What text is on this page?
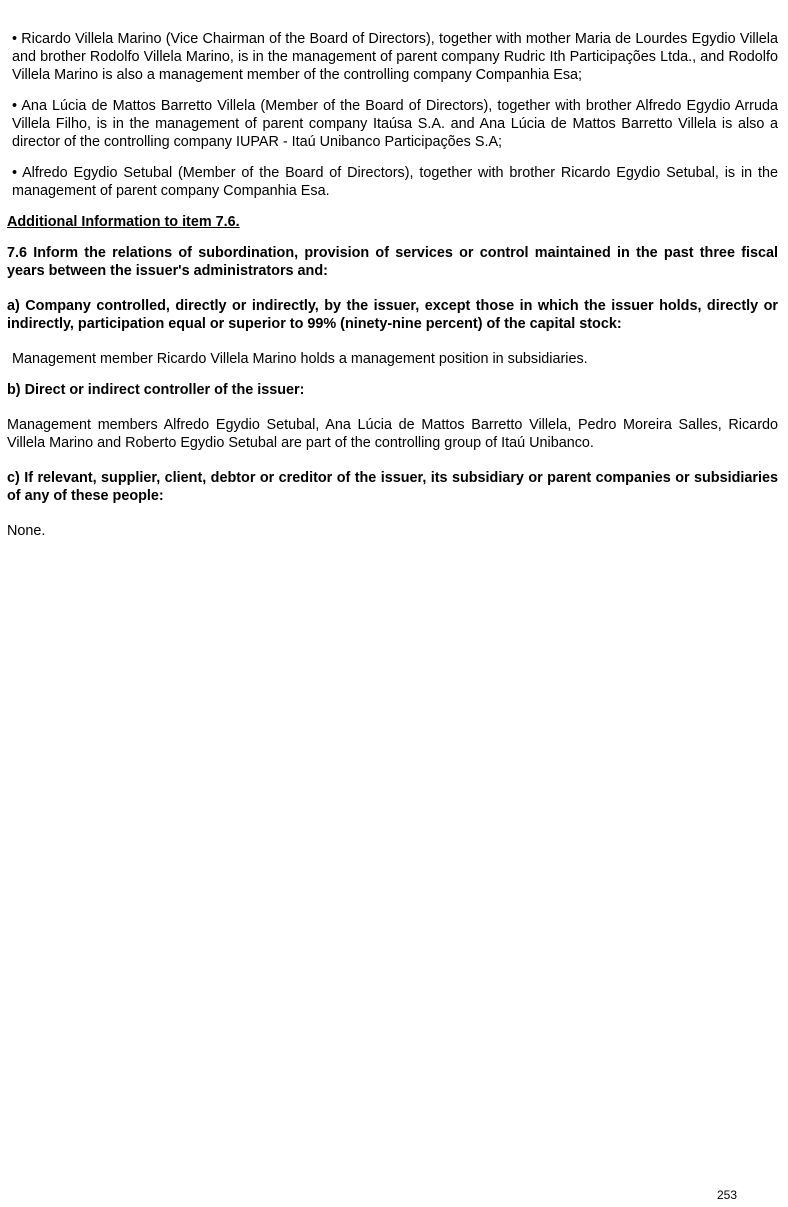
• Ricardo Villela Marino (Vice Chairman of the Board of Directors), together with mother Maria de Lourdes Egydio Villela and brother Rodolfo Villela Marino, is in the management of parent company Rudric Ith Participações Ltda., and Rodolfo Villela Marino is also a management member of the controlling company Companhia Esa;

• Ana Lúcia de Mattos Barretto Villela (Member of the Board of Directors), together with brother Alfredo Egydio Arruda Villela Filho, is in the management of parent company Itaúsa S.A. and Ana Lúcia de Mattos Barretto Villela is also a director of the controlling company IUPAR - Itaú Unibanco Participações S.A;

• Alfredo Egydio Setubal (Member of the Board of Directors), together with brother Ricardo Egydio Setubal, is in the management of parent company Companhia Esa.

Additional Information to item 7.6.

7.6 Inform the relations of subordination, provision of services or control maintained in the past three fiscal years between the issuer's administrators and:

a) Company controlled, directly or indirectly, by the issuer, except those in which the issuer holds, directly or indirectly, participation equal or superior to 99% (ninety-nine percent) of the capital stock:

Management member Ricardo Villela Marino holds a management position in subsidiaries.

b) Direct or indirect controller of the issuer:

Management members Alfredo Egydio Setubal, Ana Lúcia de Mattos Barretto Villela, Pedro Moreira Salles, Ricardo Villela Marino and Roberto Egydio Setubal are part of the controlling group of Itaú Unibanco.

c) If relevant, supplier, client, debtor or creditor of the issuer, its subsidiary or parent companies or subsidiaries of any of these people:

None.

253
